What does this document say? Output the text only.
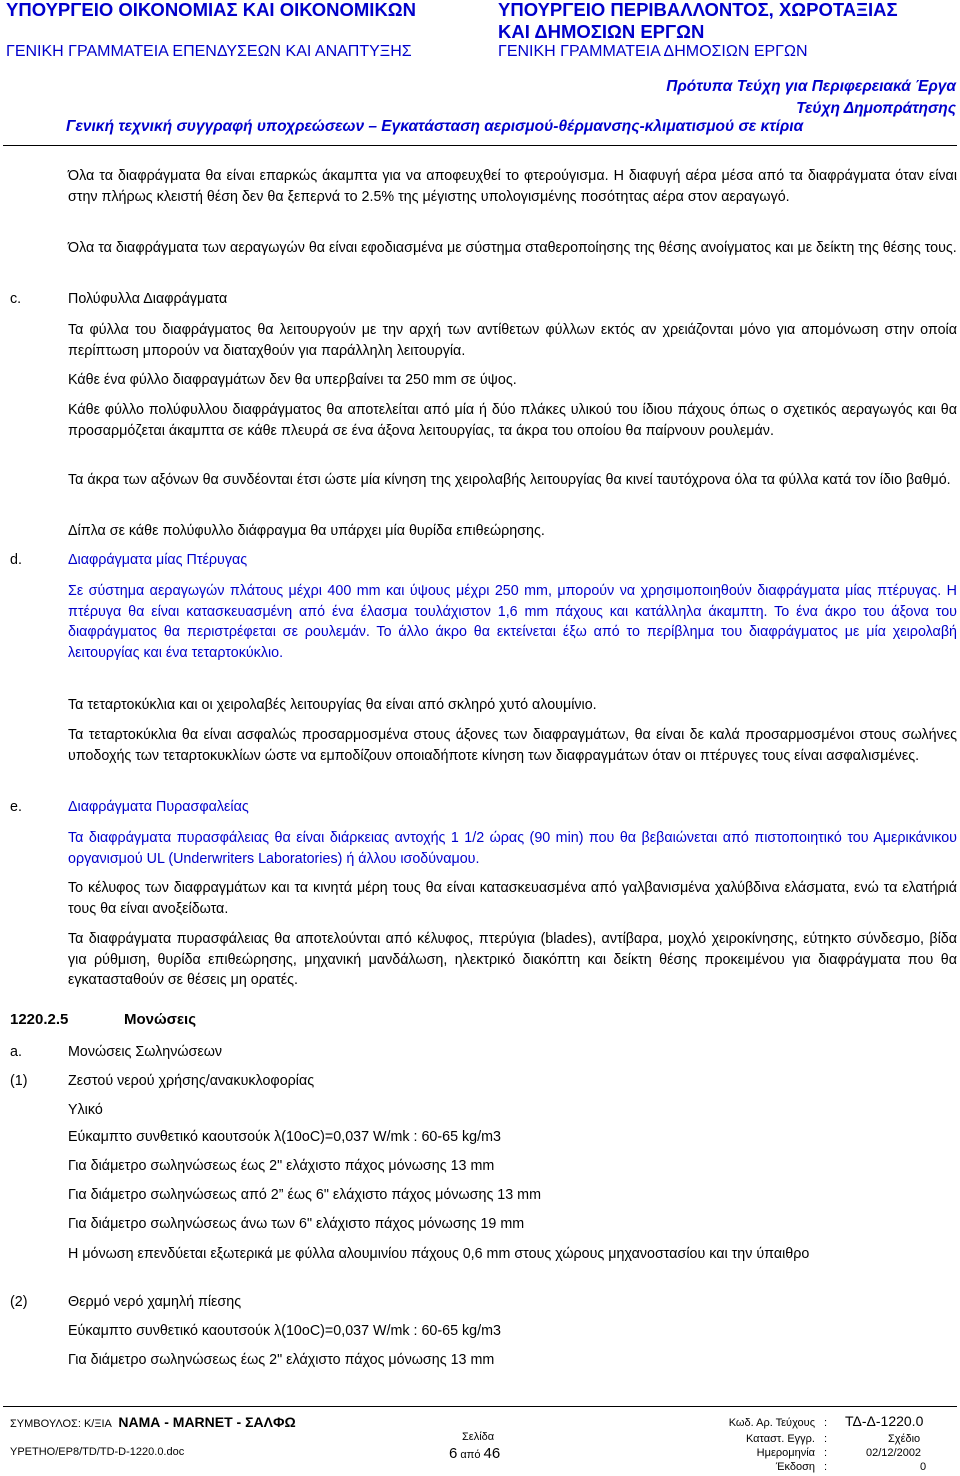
ΥΠΟΥΡΓΕΙΟ ΟΙΚΟΝΟΜΙΑΣ ΚΑΙ ΟΙΚΟΝΟΜΙΚΩΝ
ΓΕΝΙΚΗ ΓΡΑΜΜΑΤΕΙΑ ΕΠΕΝΔΥΣΕΩΝ ΚΑΙ ΑΝΑΠΤΥΞΗΣ
ΥΠΟΥΡΓΕΙΟ ΠΕΡΙΒΑΛΛΟΝΤΟΣ, ΧΩΡΟΤΑΞΙΑΣ
ΚΑΙ ΔΗΜΟΣΙΩΝ ΕΡΓΩΝ
ΓΕΝΙΚΗ ΓΡΑΜΜΑΤΕΙΑ ΔΗΜΟΣΙΩΝ ΕΡΓΩΝ
Πρότυπα Τεύχη για Περιφερειακά Έργα
Τεύχη Δημοπράτησης
Γενική τεχνική συγγραφή υποχρεώσεων – Εγκατάσταση αερισμού-θέρμανσης-κλιματισμού σε κτίρια
Όλα τα διαφράγματα θα είναι επαρκώς άκαμπτα για να αποφευχθεί το φτερούγισμα. Η διαφυγή αέρα μέσα από τα διαφράγματα όταν είναι στην πλήρως κλειστή θέση δεν θα ξεπερνά το 2.5% της μέγιστης υπολογισμένης ποσότητας αέρα στον αεραγωγό.
Όλα τα διαφράγματα των αεραγωγών θα είναι εφοδιασμένα με σύστημα σταθεροποίησης της θέσης ανοίγματος και με δείκτη της θέσης τους.
c.	Πολύφυλλα Διαφράγματα
Τα φύλλα του διαφράγματος θα λειτουργούν με την αρχή των αντίθετων φύλλων εκτός αν χρειάζονται μόνο για απομόνωση στην οποία περίπτωση μπορούν να διαταχθούν για παράλληλη λειτουργία.
Κάθε ένα φύλλο διαφραγμάτων δεν θα υπερβαίνει τα 250 mm σε ύψος.
Κάθε φύλλο πολύφυλλου διαφράγματος θα αποτελείται από μία ή δύο πλάκες υλικού του ίδιου πάχους όπως ο σχετικός αεραγωγός και θα προσαρμόζεται άκαμπτα σε κάθε πλευρά σε ένα άξονα λειτουργίας, τα άκρα του οποίου θα παίρνουν ρουλεμάν.
Τα άκρα των αξόνων θα συνδέονται έτσι ώστε μία κίνηση της χειρολαβής λειτουργίας θα κινεί ταυτόχρονα όλα τα φύλλα κατά τον ίδιο βαθμό.
Δίπλα σε κάθε πολύφυλλο διάφραγμα θα υπάρχει μία θυρίδα επιθεώρησης.
d.	Διαφράγματα μίας Πτέρυγας
Σε σύστημα αεραγωγών πλάτους μέχρι 400 mm και ύψους μέχρι 250 mm, μπορούν να χρησιμοποιηθούν διαφράγματα μίας πτέρυγας. Η πτέρυγα θα είναι κατασκευασμένη από ένα έλασμα τουλάχιστον 1,6 mm πάχους και κατάλληλα άκαμπτη. Το ένα άκρο του άξονα του διαφράγματος θα περιστρέφεται σε ρουλεμάν. Το άλλο άκρο θα εκτείνεται έξω από το περίβλημα του διαφράγματος με μία χειρολαβή λειτουργίας και ένα τεταρτοκύκλιο.
Τα τεταρτοκύκλια και οι χειρολαβές λειτουργίας θα είναι από σκληρό χυτό αλουμίνιο.
Τα τεταρτοκύκλια θα είναι ασφαλώς προσαρμοσμένα στους άξονες των διαφραγμάτων, θα είναι δε καλά προσαρμοσμένοι στους σωλήνες υποδοχής των τεταρτοκυκλίων ώστε να εμποδίζουν οποιαδήποτε κίνηση των διαφραγμάτων όταν οι πτέρυγες τους είναι ασφαλισμένες.
e.	Διαφράγματα Πυρασφαλείας
Τα διαφράγματα πυρασφάλειας θα είναι διάρκειας αντοχής 1 1/2 ώρας (90 min) που θα βεβαιώνεται από πιστοποιητικό του Αμερικάνικου οργανισμού UL (Underwriters Laboratories) ή άλλου ισοδύναμου.
Το κέλυφος των διαφραγμάτων και τα κινητά μέρη τους θα είναι κατασκευασμένα από γαλβανισμένα χαλύβδινα ελάσματα, ενώ τα ελατήριά τους θα είναι ανοξείδωτα.
Τα διαφράγματα πυρασφάλειας θα αποτελούνται από κέλυφος, πτερύγια (blades), αντίβαρα, μοχλό χειροκίνησης, εύτηκτο σύνδεσμο, βίδα για ρύθμιση, θυρίδα επιθεώρησης, μηχανική μανδάλωση, ηλεκτρικό διακόπτη και δείκτη θέσης προκειμένου για διαφράγματα που θα εγκατασταθούν σε θέσεις μη ορατές.
1220.2.5	Μονώσεις
a.	Μονώσεις Σωληνώσεων
(1)	Ζεστού νερού χρήσης/ανακυκλοφορίας
Υλικό
Εύκαμπτο συνθετικό καουτσούκ λ(10oC)=0,037 W/mk : 60-65 kg/m3
Για διάμετρο σωληνώσεως έως 2" ελάχιστο πάχος μόνωσης 13 mm
Για διάμετρο σωληνώσεως από 2” έως 6" ελάχιστο πάχος μόνωσης 13 mm
Για διάμετρο σωληνώσεως άνω των 6" ελάχιστο πάχος μόνωσης 19 mm
Η μόνωση επενδύεται εξωτερικά με φύλλα αλουμινίου πάχους 0,6 mm στους χώρους μηχανοστασίου και την ύπαιθρο
(2)	Θερμό νερό χαμηλή πίεσης
Εύκαμπτο συνθετικό καουτσούκ λ(10oC)=0,037 W/mk : 60-65 kg/m3
Για διάμετρο σωληνώσεως έως 2" ελάχιστο πάχος μόνωσης 13 mm
ΣΥΜΒΟΥΛΟΣ: Κ/ΞΙΑ ΝΑΜΑ - MARNET - ΣΑΛΦΩ
ΥΡΕΤΗΟ/ΕΡ8/TD/TD-D-1220.0.doc
Σελίδα
6 από 46
Κωδ. Αρ. Τεύχους : ΤΔ-Δ-1220.0
Καταστ. Εγγρ. :	Σχέδιο
Ημερομηνία :	02/12/2002
Έκδοση :	0
